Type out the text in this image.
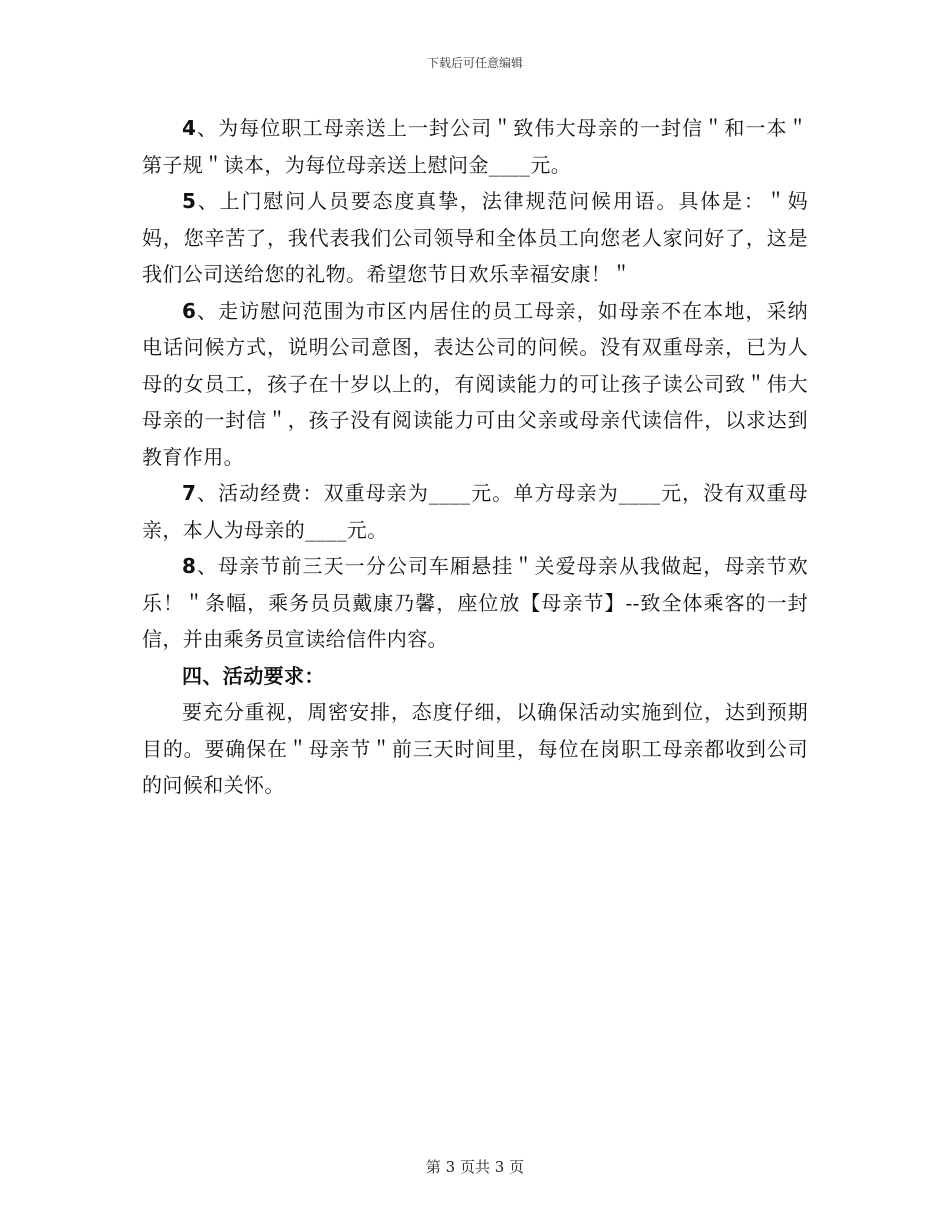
下载后可任意编辑

4、为每位职工母亲送上一封公司＂致伟大母亲的一封信＂和一本＂第子规＂读本，为每位母亲送上慰问金____元。

5、上门慰问人员要态度真挚，法律规范问候用语。具体是：＂妈妈，您辛苦了，我代表我们公司领导和全体员工向您老人家问好了，这是我们公司送给您的礼物。希望您节日欢乐幸福安康！＂

6、走访慰问范围为市区内居住的员工母亲，如母亲不在本地，采纳电话问候方式，说明公司意图，表达公司的问候。没有双重母亲，已为人母的女员工，孩子在十岁以上的，有阅读能力的可让孩子读公司致＂伟大母亲的一封信＂，孩子没有阅读能力可由父亲或母亲代读信件，以求达到教育作用。

7、活动经费：双重母亲为____元。单方母亲为____元，没有双重母亲，本人为母亲的____元。

8、母亲节前三天一分公司车厢悬挂＂关爱母亲从我做起，母亲节欢乐！＂条幅，乘务员员戴康乃馨，座位放【母亲节】--致全体乘客的一封信，并由乘务员宣读给信件内容。

四、活动要求：

要充分重视，周密安排，态度仔细，以确保活动实施到位，达到预期目的。要确保在＂母亲节＂前三天时间里，每位在岗职工母亲都收到公司的问候和关怀。

第 3 页共 3 页
